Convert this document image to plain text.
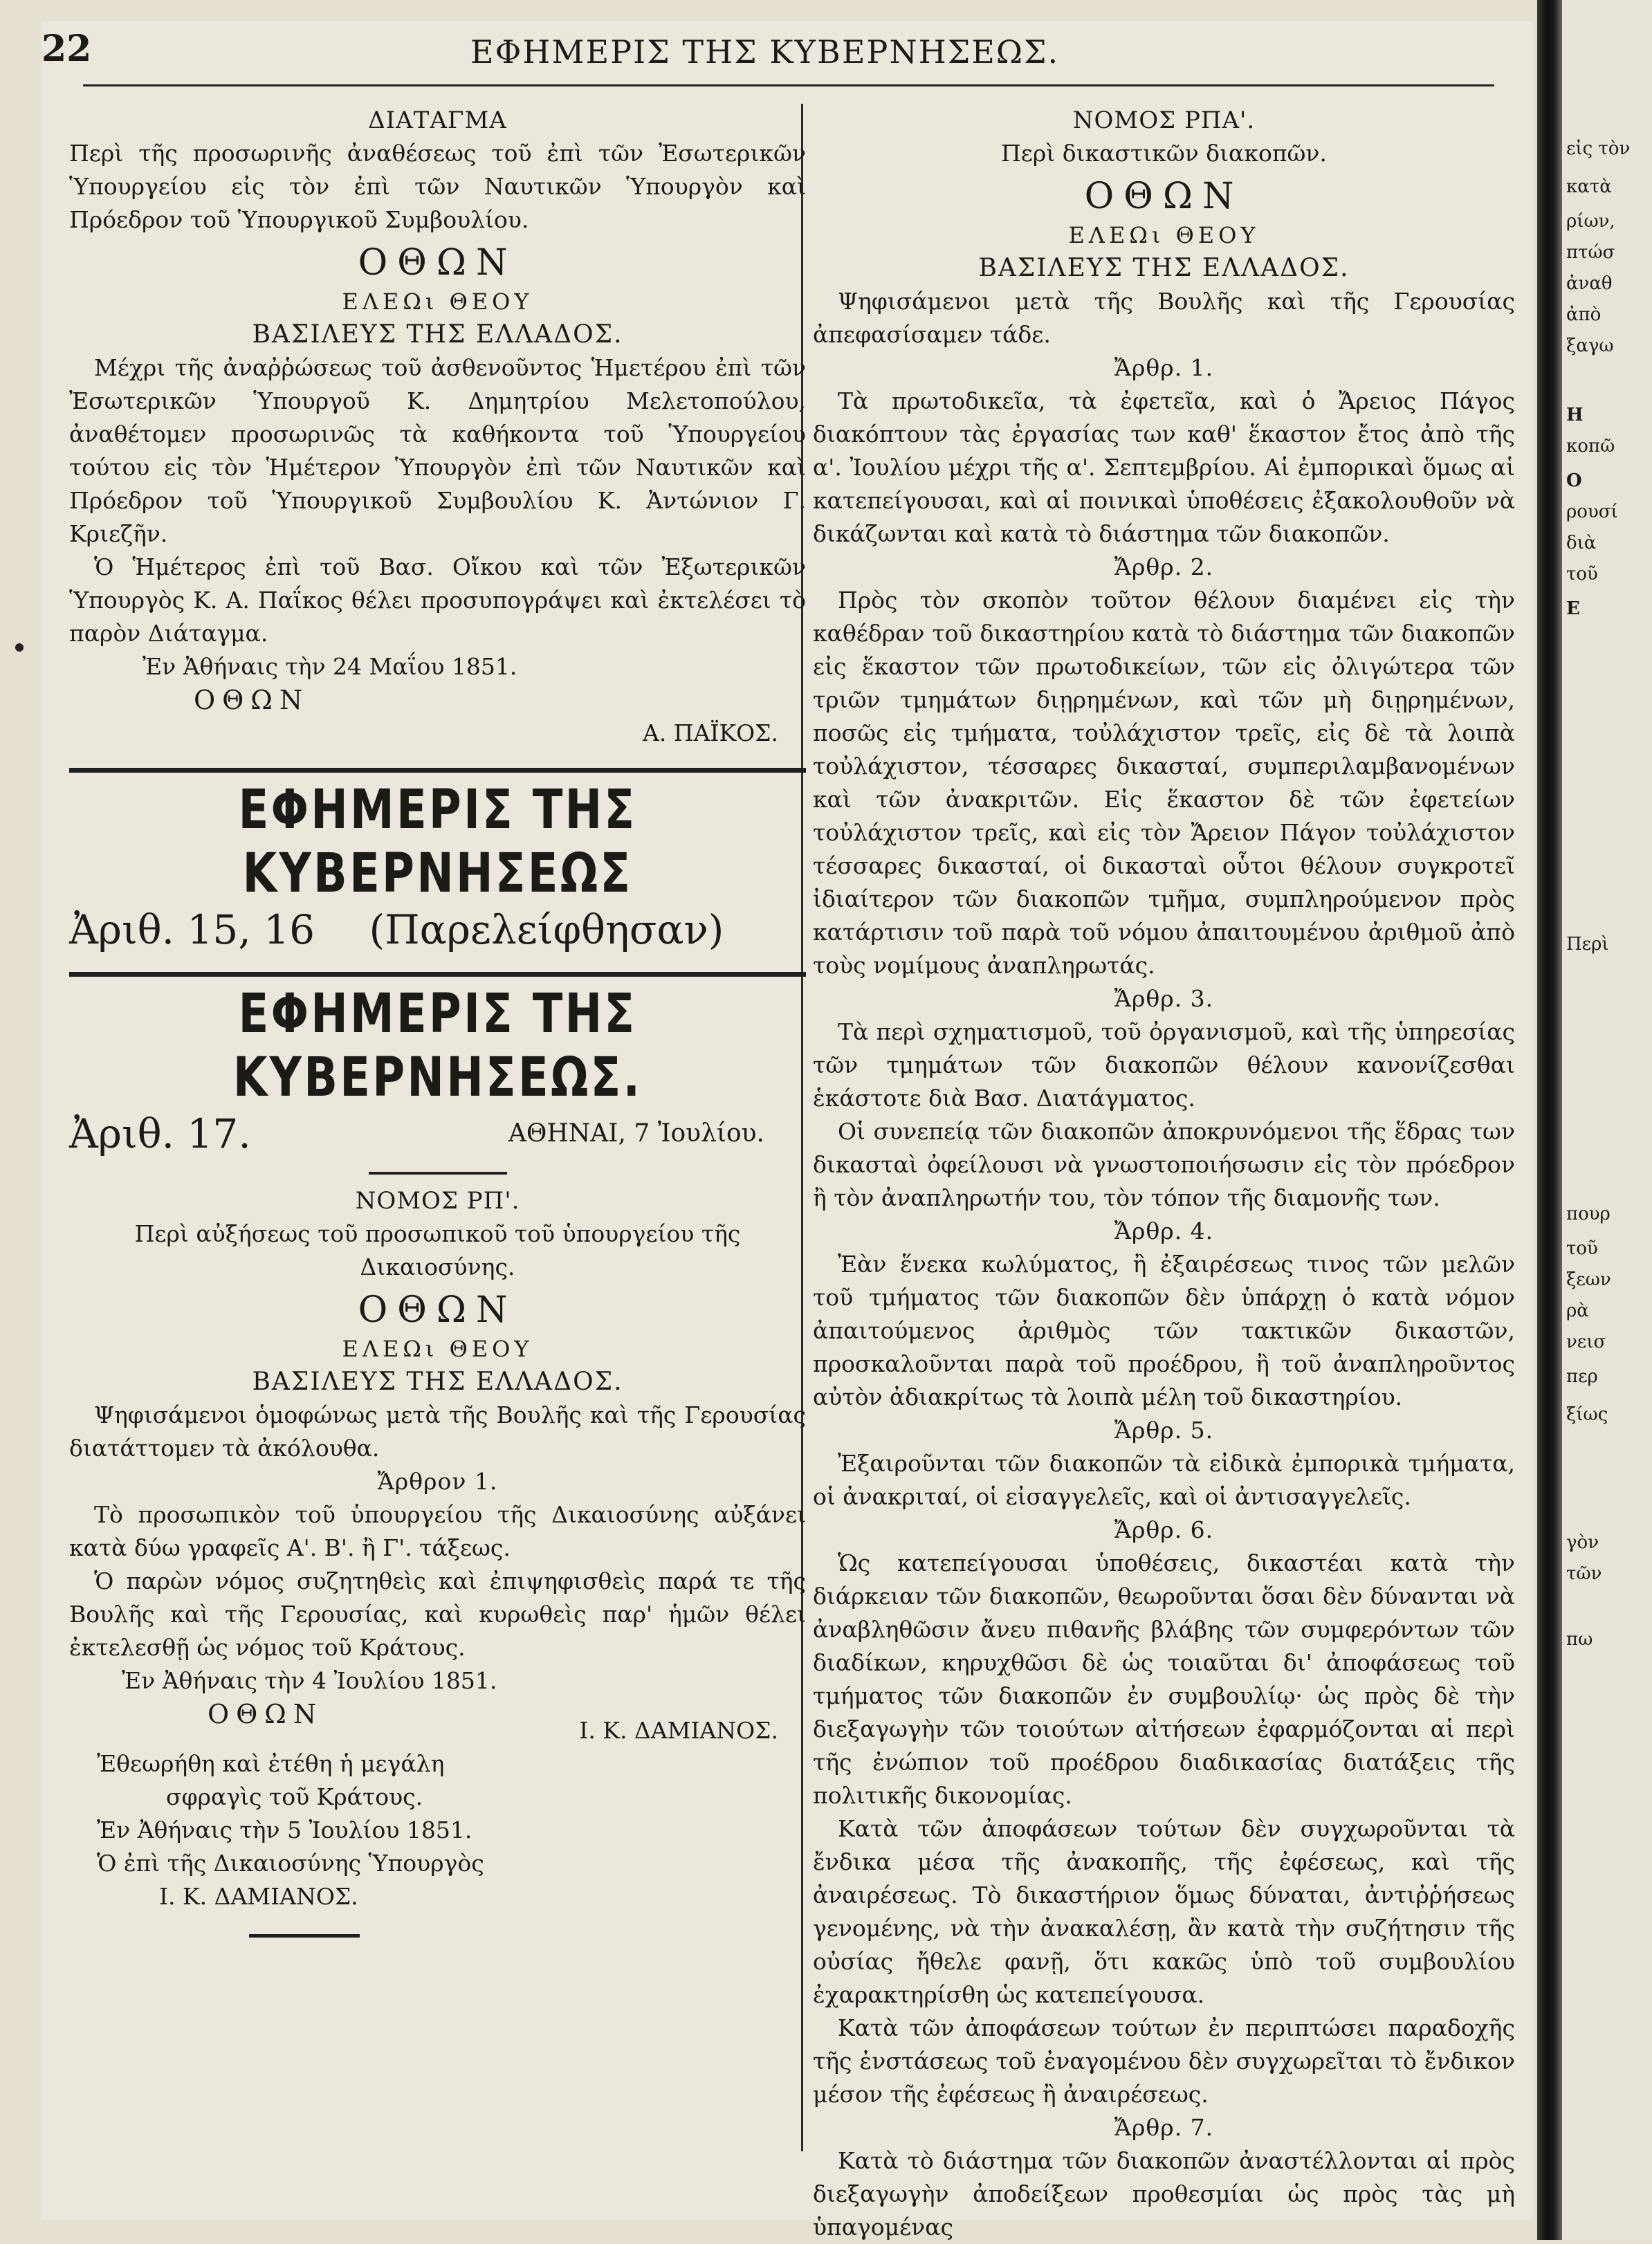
εἰς τὸν
κατὰ
ρίων,
πτώσ
ἀναθ
ἀπὸ
ξαγω
Η
κοπῶ
Ο
ρουσί
διὰ
τοῦ
Ε
Περὶ
πουρ
τοῦ
ξεων
ρὰ
νεισ
περ
ξίως
γὸν
τῶν
πω
22	ΕΦΗΜΕΡΙΣ ΤΗΣ ΚΥΒΕΡΝΗΣΕΩΣ.
ΔΙΑΤΑΓΜΑ
Περὶ τῆς προσωρινῆς ἀναθέσεως τοῦ ἐπὶ τῶν Ἐσωτερικῶν Ὑπουργείου εἰς τὸν ἐπὶ τῶν Ναυτικῶν Ὑπουργὸν καὶ Πρόεδρον τοῦ Ὑπουργικοῦ Συμβουλίου.
ΟΘΩΝ
ΕΛΕΩι ΘΕΟΥ
ΒΑΣΙΛΕΥΣ ΤΗΣ ΕΛΛΑΔΟΣ.
Μέχρι τῆς ἀναῤῥώσεως τοῦ ἀσθενοῦντος Ἡμετέρου ἐπὶ τῶν Ἐσωτερικῶν Ὑπουργοῦ Κ. Δημητρίου Μελετοπούλου, ἀναθέτομεν προσωρινῶς τὰ καθήκοντα τοῦ Ὑπουργείου τούτου εἰς τὸν Ἡμέτερον Ὑπουργὸν ἐπὶ τῶν Ναυτικῶν καὶ Πρόεδρον τοῦ Ὑπουργικοῦ Συμβουλίου Κ. Ἀντώνιον Γ. Κριεζῆν.
Ὁ Ἡμέτερος ἐπὶ τοῦ Βασ. Οἴκου καὶ τῶν Ἐξωτερικῶν Ὑπουργὸς Κ. Α. Παΐκος θέλει προσυπογράψει καὶ ἐκτελέσει τὸ παρὸν Διάταγμα.
Ἐν Ἀθήναις τὴν 24 Μαΐου 1851.
ΟΘΩΝ
Α. ΠΑΪΚΟΣ.
ΕΦΗΜΕΡΙΣ ΤΗΣ ΚΥΒΕΡΝΗΣΕΩΣ
Ἀριθ. 15, 16 (Παρελείφθησαν)
ΕΦΗΜΕΡΙΣ ΤΗΣ ΚΥΒΕΡΝΗΣΕΩΣ.
Ἀριθ. 17.	ΑΘΗΝΑΙ, 7 Ἰουλίου.
ΝΟΜΟΣ ΡΠ'.
Περὶ αὐξήσεως τοῦ προσωπικοῦ τοῦ ὑπουργείου τῆς Δικαιοσύνης.
ΟΘΩΝ
ΕΛΕΩι ΘΕΟΥ
ΒΑΣΙΛΕΥΣ ΤΗΣ ΕΛΛΑΔΟΣ.
Ψηφισάμενοι ὁμοφώνως μετὰ τῆς Βουλῆς καὶ τῆς Γερουσίας διατάττομεν τὰ ἀκόλουθα.
Ἄρθρον 1.
Τὸ προσωπικὸν τοῦ ὑπουργείου τῆς Δικαιοσύνης αὐξάνει κατὰ δύω γραφεῖς Α'. Β'. ἢ Γ'. τάξεως.
Ὁ παρὼν νόμος συζητηθεὶς καὶ ἐπιψηφισθεὶς παρά τε τῆς Βουλῆς καὶ τῆς Γερουσίας, καὶ κυρωθεὶς παρ' ἡμῶν θέλει ἐκτελεσθῇ ὡς νόμος τοῦ Κράτους.
Ἐν Ἀθήναις τὴν 4 Ἰουλίου 1851.
ΟΘΩΝ
Ι. Κ. ΔΑΜΙΑΝΟΣ.
Ἐθεωρήθη καὶ ἐτέθη ἡ μεγάλη
σφραγὶς τοῦ Κράτους.
Ἐν Ἀθήναις τὴν 5 Ἰουλίου 1851.
Ὁ ἐπὶ τῆς Δικαιοσύνης Ὑπουργὸς
Ι. Κ. ΔΑΜΙΑΝΟΣ.
ΝΟΜΟΣ ΡΠΑ'.
Περὶ δικαστικῶν διακοπῶν.
ΟΘΩΝ
ΕΛΕΩι ΘΕΟΥ
ΒΑΣΙΛΕΥΣ ΤΗΣ ΕΛΛΑΔΟΣ.
Ψηφισάμενοι μετὰ τῆς Βουλῆς καὶ τῆς Γερουσίας ἀπεφασίσαμεν τάδε.
Ἄρθρ. 1.
Τὰ πρωτοδικεῖα, τὰ ἐφετεῖα, καὶ ὁ Ἄρειος Πάγος διακόπτουν τὰς ἐργασίας των καθ' ἕκαστον ἔτος ἀπὸ τῆς α'. Ἰουλίου μέχρι τῆς α'. Σεπτεμβρίου. Αἱ ἐμπορικαὶ ὅμως αἱ κατεπείγουσαι, καὶ αἱ ποινικαὶ ὑποθέσεις ἐξακολουθοῦν νὰ δικάζωνται καὶ κατὰ τὸ διάστημα τῶν διακοπῶν.
Ἄρθρ. 2.
Πρὸς τὸν σκοπὸν τοῦτον θέλουν διαμένει εἰς τὴν καθέδραν τοῦ δικαστηρίου κατὰ τὸ διάστημα τῶν διακοπῶν εἰς ἕκαστον τῶν πρωτοδικείων, τῶν εἰς ὀλιγώτερα τῶν τριῶν τμημάτων διῃρημένων, καὶ τῶν μὴ διῃρημένων, ποσῶς εἰς τμήματα, τοὐλάχιστον τρεῖς, εἰς δὲ τὰ λοιπὰ τοὐλάχιστον, τέσσαρες δικασταί, συμπεριλαμβανομένων καὶ τῶν ἀνακριτῶν. Εἰς ἕκαστον δὲ τῶν ἐφετείων τοὐλάχιστον τρεῖς, καὶ εἰς τὸν Ἄρειον Πάγον τοὐλάχιστον τέσσαρες δικασταί, οἱ δικασταὶ οὗτοι θέλουν συγκροτεῖ ἰδιαίτερον τῶν διακοπῶν τμῆμα, συμπληρούμενον πρὸς κατάρτισιν τοῦ παρὰ τοῦ νόμου ἀπαιτουμένου ἀριθμοῦ ἀπὸ τοὺς νομίμους ἀναπληρωτάς.
Ἄρθρ. 3.
Τὰ περὶ σχηματισμοῦ, τοῦ ὀργανισμοῦ, καὶ τῆς ὑπηρεσίας τῶν τμημάτων τῶν διακοπῶν θέλουν κανονίζεσθαι ἑκάστοτε διὰ Βασ. Διατάγματος.
Οἱ συνεπείᾳ τῶν διακοπῶν ἀποκρυνόμενοι τῆς ἕδρας των δικασταὶ ὀφείλουσι νὰ γνωστοποιήσωσιν εἰς τὸν πρόεδρον ἢ τὸν ἀναπληρωτήν του, τὸν τόπον τῆς διαμονῆς των.
Ἄρθρ. 4.
Ἐὰν ἕνεκα κωλύματος, ἢ ἐξαιρέσεως τινος τῶν μελῶν τοῦ τμήματος τῶν διακοπῶν δὲν ὑπάρχῃ ὁ κατὰ νόμον ἀπαιτούμενος ἀριθμὸς τῶν τακτικῶν δικαστῶν, προσκαλοῦνται παρὰ τοῦ προέδρου, ἢ τοῦ ἀναπληροῦντος αὐτὸν ἀδιακρίτως τὰ λοιπὰ μέλη τοῦ δικαστηρίου.
Ἄρθρ. 5.
Ἐξαιροῦνται τῶν διακοπῶν τὰ εἰδικὰ ἐμπορικὰ τμήματα, οἱ ἀνακριταί, οἱ εἰσαγγελεῖς, καὶ οἱ ἀντισαγγελεῖς.
Ἄρθρ. 6.
Ὡς κατεπείγουσαι ὑποθέσεις, δικαστέαι κατὰ τὴν διάρκειαν τῶν διακοπῶν, θεωροῦνται ὅσαι δὲν δύνανται νὰ ἀναβληθῶσιν ἄνευ πιθανῆς βλάβης τῶν συμφερόντων τῶν διαδίκων, κηρυχθῶσι δὲ ὡς τοιαῦται δι' ἀποφάσεως τοῦ τμήματος τῶν διακοπῶν ἐν συμβουλίῳ· ὡς πρὸς δὲ τὴν διεξαγωγὴν τῶν τοιούτων αἰτήσεων ἐφαρμόζονται αἱ περὶ τῆς ἐνώπιον τοῦ προέδρου διαδικασίας διατάξεις τῆς πολιτικῆς δικονομίας.
Κατὰ τῶν ἀποφάσεων τούτων δὲν συγχωροῦνται τὰ ἔνδικα μέσα τῆς ἀνακοπῆς, τῆς ἐφέσεως, καὶ τῆς ἀναιρέσεως. Τὸ δικαστήριον ὅμως δύναται, ἀντιῤῥήσεως γενομένης, νὰ τὴν ἀνακαλέσῃ, ἂν κατὰ τὴν συζήτησιν τῆς οὐσίας ἤθελε φανῇ, ὅτι κακῶς ὑπὸ τοῦ συμβουλίου ἐχαρακτηρίσθη ὡς κατεπείγουσα.
Κατὰ τῶν ἀποφάσεων τούτων ἐν περιπτώσει παραδοχῆς τῆς ἐνστάσεως τοῦ ἐναγομένου δὲν συγχωρεῖται τὸ ἔνδικον μέσον τῆς ἐφέσεως ἢ ἀναιρέσεως.
Ἄρθρ. 7.
Κατὰ τὸ διάστημα τῶν διακοπῶν ἀναστέλλονται αἱ πρὸς διεξαγωγὴν ἀποδείξεων προθεσμίαι ὡς πρὸς τὰς μὴ ὑπαγομένας
